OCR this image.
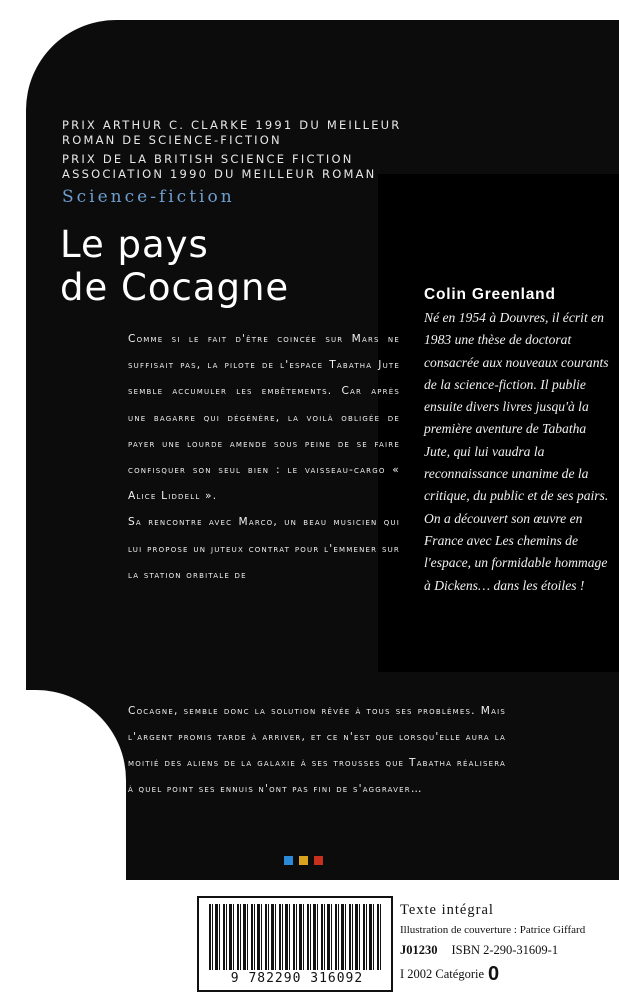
PRIX ARTHUR C. CLARKE 1991 DU MEILLEUR
ROMAN DE SCIENCE-FICTION
PRIX DE LA BRITISH SCIENCE FICTION
ASSOCIATION 1990 DU MEILLEUR ROMAN
Science-fiction
Le pays
de Cocagne	Colin Greenland
Né en 1954 à Douvres, il écrit en 1983 une thèse de doctorat consacrée aux nouveaux courants de la science-fiction. Il publie ensuite divers livres jusqu'à la première aventure de Tabatha Jute, qui lui vaudra la reconnaissance unanime de la critique, du public et de ses pairs. On a découvert son œuvre en France avec Les chemins de l'espace, un formidable hommage à Dickens… dans les étoiles !

Comme si le fait d'être coincée sur Mars ne suffisait pas, la pilote de l'espace Tabatha Jute semble accumuler les embêtements. Car après une bagarre qui dégénère, la voilà obligée de payer une lourde amende sous peine de se faire confisquer son seul bien : le vaisseau-cargo « Alice Liddell ».

Sa rencontre avec Marco, un beau musicien qui lui propose un juteux contrat pour l'emmener sur la station orbitale de

Cocagne, semble donc la solution rêvée à tous ses problèmes. Mais l'argent promis tarde à arriver, et ce n'est que lorsqu'elle aura la moitié des aliens de la galaxie à ses trousses que Tabatha réalisera à quel point ses ennuis n'ont pas fini de s'aggraver…

9 782290 316092
Texte intégral
Illustration de couverture : Patrice Giffard
J01230 ISBN 2-290-31609-1
I 2002 Catégorie 0
